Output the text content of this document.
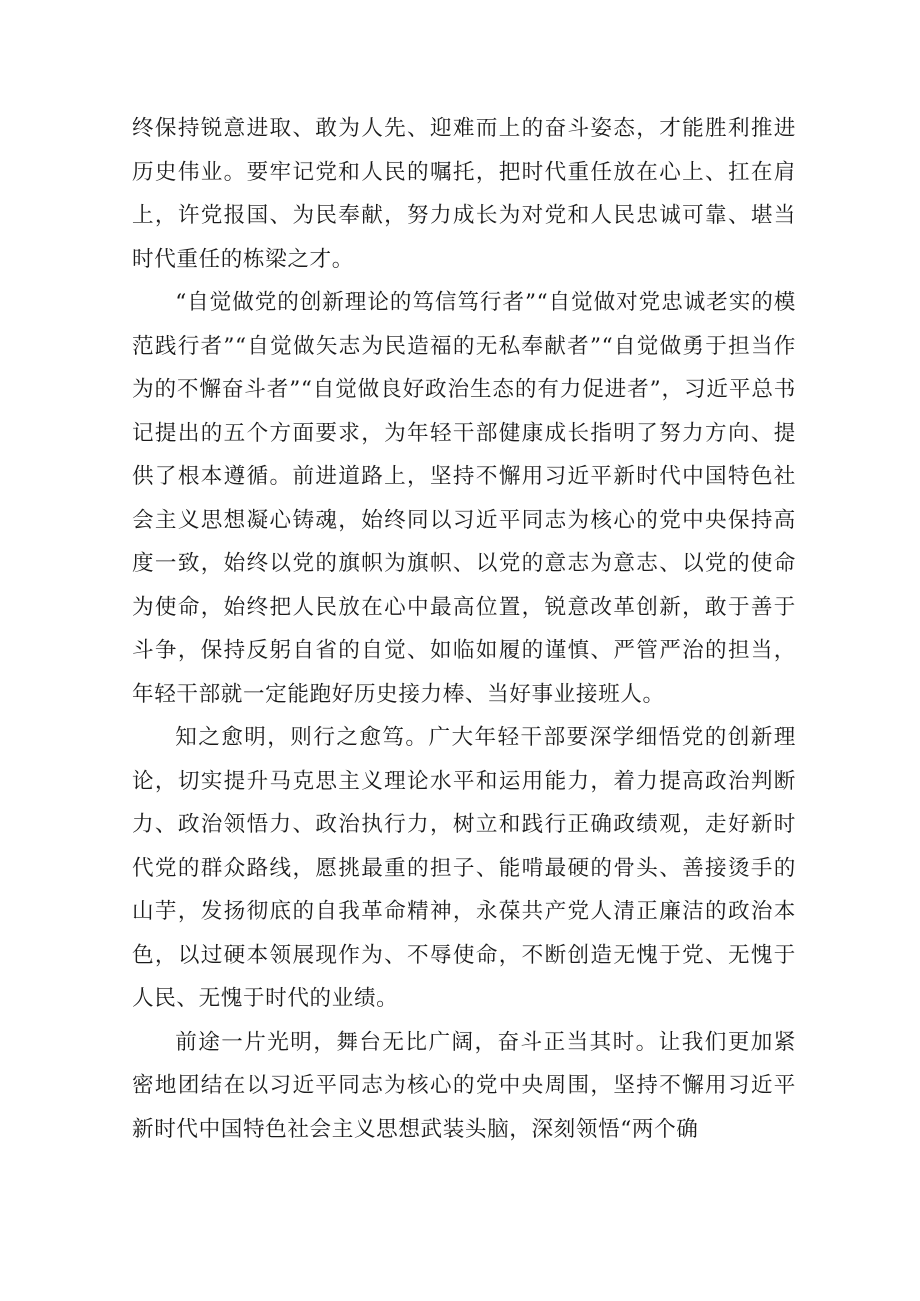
终保持锐意进取、敢为人先、迎难而上的奋斗姿态，才能胜利推进历史伟业。要牢记党和人民的嘱托，把时代重任放在心上、扛在肩上，许党报国、为民奉献，努力成长为对党和人民忠诚可靠、堪当时代重任的栋梁之才。

“自觉做党的创新理论的笃信笃行者”“自觉做对党忠诚老实的模范践行者”“自觉做矢志为民造福的无私奉献者”“自觉做勇于担当作为的不懈奋斗者”“自觉做良好政治生态的有力促进者”，习近平总书记提出的五个方面要求，为年轻干部健康成长指明了努力方向、提供了根本遵循。前进道路上，坚持不懈用习近平新时代中国特色社会主义思想凝心铸魂，始终同以习近平同志为核心的党中央保持高度一致，始终以党的旗帜为旗帜、以党的意志为意志、以党的使命为使命，始终把人民放在心中最高位置，锐意改革创新，敢于善于斗争，保持反躬自省的自觉、如临如履的谨慎、严管严治的担当，年轻干部就一定能跑好历史接力棒、当好事业接班人。

知之愈明，则行之愈笃。广大年轻干部要深学细悟党的创新理论，切实提升马克思主义理论水平和运用能力，着力提高政治判断力、政治领悟力、政治执行力，树立和践行正确政绩观，走好新时代党的群众路线，愿挑最重的担子、能啃最硬的骨头、善接烫手的山芋，发扬彻底的自我革命精神，永葆共产党人清正廉洁的政治本色，以过硬本领展现作为、不辱使命，不断创造无愧于党、无愧于人民、无愧于时代的业绩。

前途一片光明，舞台无比广阔，奋斗正当其时。让我们更加紧密地团结在以习近平同志为核心的党中央周围，坚持不懈用习近平新时代中国特色社会主义思想武装头脑，深刻领悟“两个确
